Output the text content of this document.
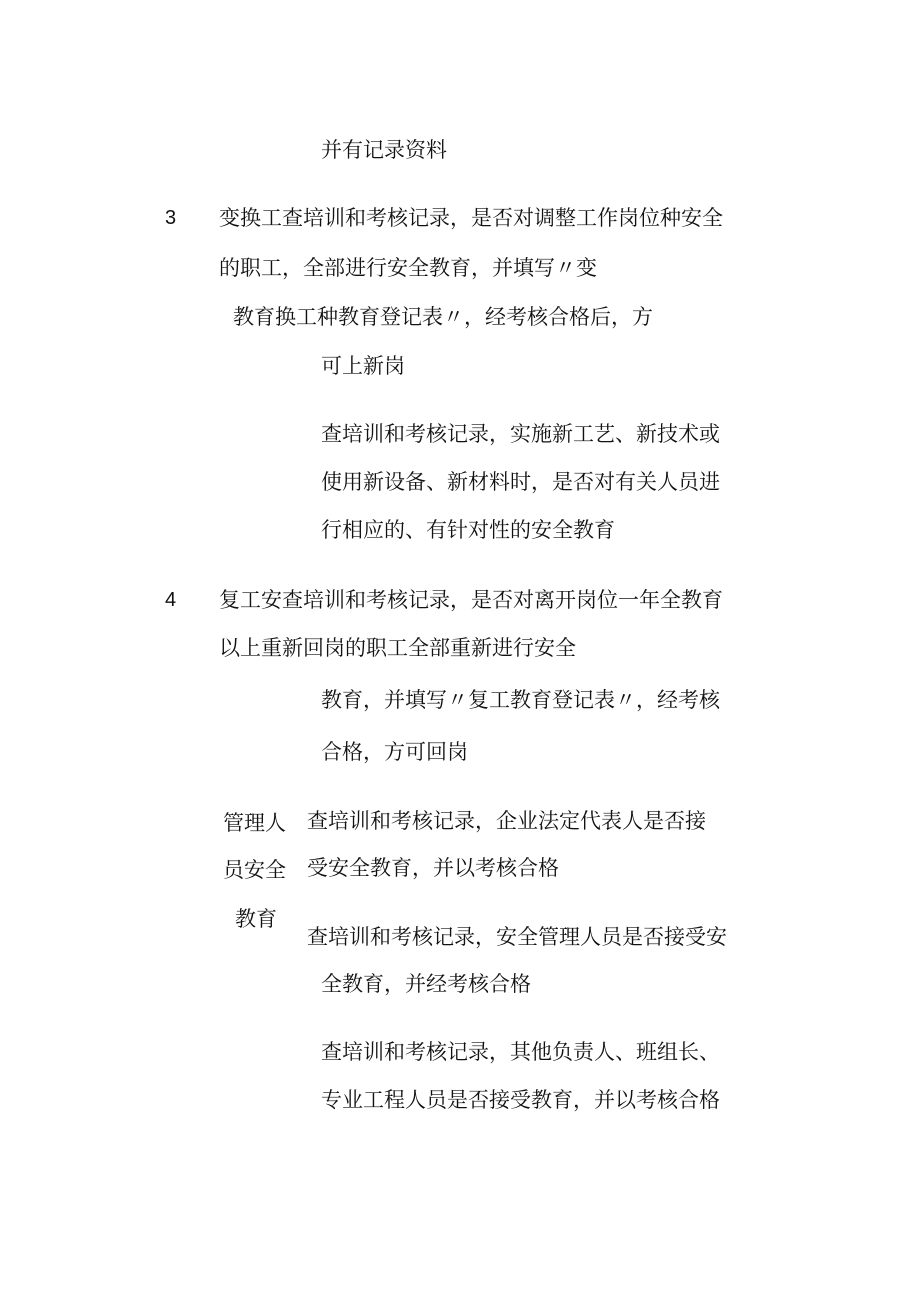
并有记录资料
3 变换工查培训和考核记录，是否对调整工作岗位种安全
的职工，全部进行安全教育，并填写〃变
教育换工种教育登记表〃，经考核合格后，方
可上新岗
查培训和考核记录，实施新工艺、新技术或
使用新设备、新材料时，是否对有关人员进
行相应的、有针对性的安全教育
4 复工安查培训和考核记录，是否对离开岗位一年全教育
以上重新回岗的职工全部重新进行安全
教育，并填写〃复工教育登记表〃，经考核
合格，方可回岗
管理人
员安全
教育
查培训和考核记录，企业法定代表人是否接
受安全教育，并以考核合格
查培训和考核记录，安全管理人员是否接受安
全教育，并经考核合格
查培训和考核记录，其他负责人、班组长、
专业工程人员是否接受教育，并以考核合格
